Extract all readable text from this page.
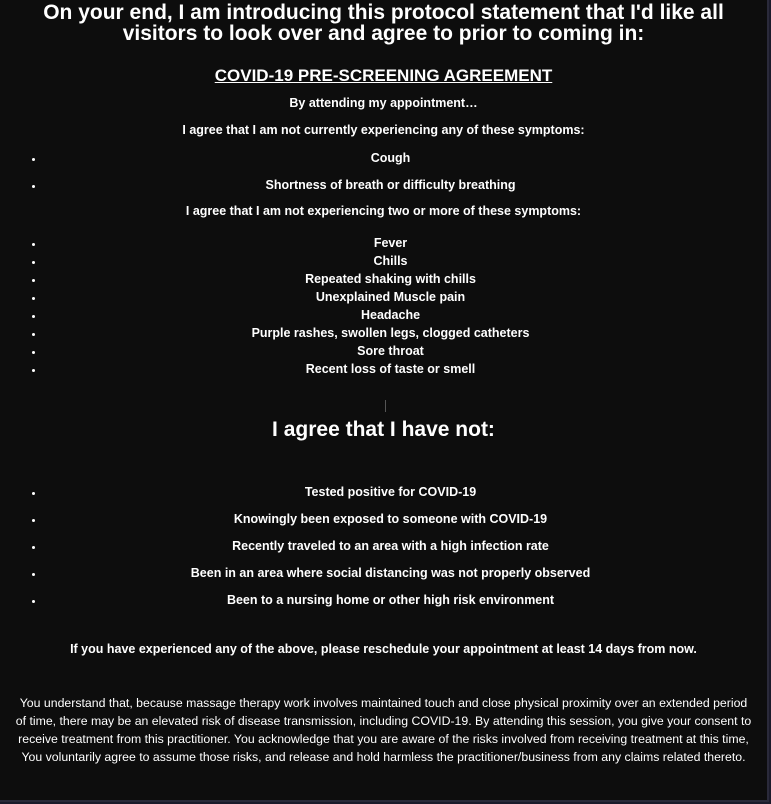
On your end, I am introducing this protocol statement that I'd like all visitors to look over and agree to prior to coming in:

COVID-19 PRE-SCREENING AGREEMENT

By attending my appointment…

I agree that I am not currently experiencing any of these symptoms:

• Cough
• Shortness of breath or difficulty breathing

I agree that I am not experiencing two or more of these symptoms:

• Fever
• Chills
• Repeated shaking with chills
• Unexplained Muscle pain
• Headache
• Purple rashes, swollen legs, clogged catheters
• Sore throat
• Recent loss of taste or smell

I agree that I have not:

• Tested positive for COVID-19
• Knowingly been exposed to someone with COVID-19
• Recently traveled to an area with a high infection rate
• Been in an area where social distancing was not properly observed
• Been to a nursing home or other high risk environment

If you have experienced any of the above, please reschedule your appointment at least 14 days from now.

You understand that, because massage therapy work involves maintained touch and close physical proximity over an extended period of time, there may be an elevated risk of disease transmission, including COVID-19. By attending this session, you give your consent to receive treatment from this practitioner. You acknowledge that you are aware of the risks involved from receiving treatment at this time, You voluntarily agree to assume those risks, and release and hold harmless the practitioner/business from any claims related thereto.
